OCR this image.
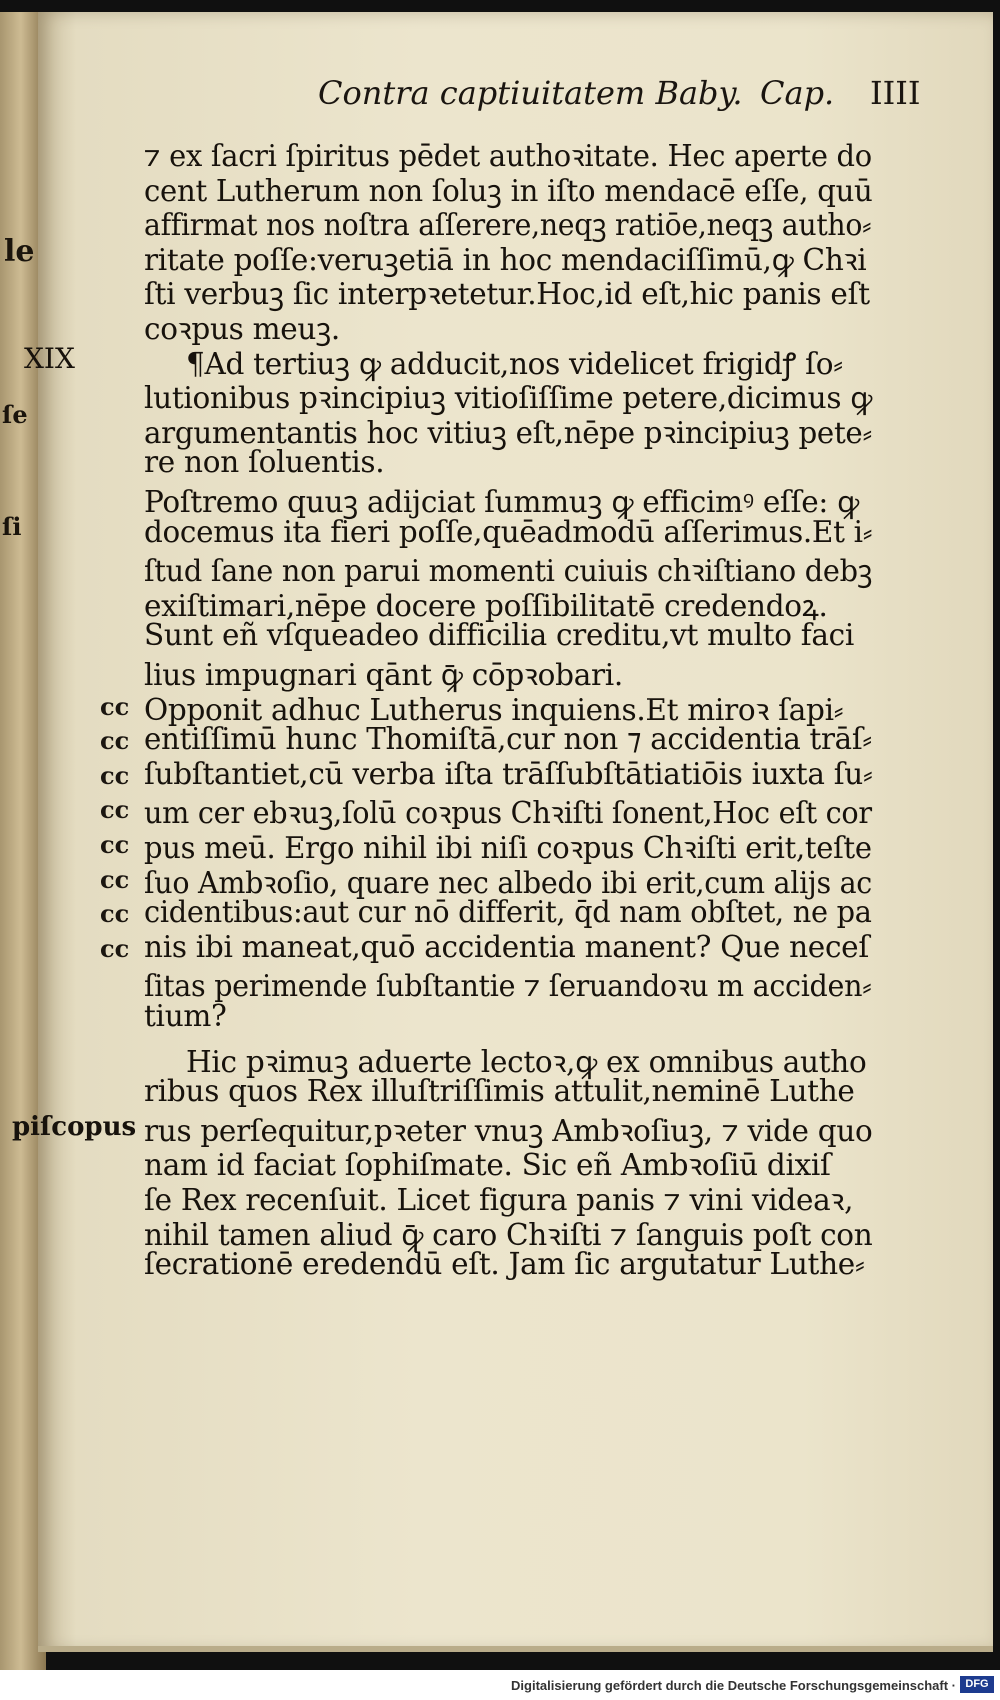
le
ſe
ſi
Contra captiuitatem Baby. Cap. IIII
XIX
piſcopus
⁊ ex ſacri ſpiritus pēdet authoꝛitate. Hec aperte do
cent Lutherum non ſoluꝫ in iſto mendacē eſſe, quū
affirmat nos noſtra aſſerere,neqꝫ ratiōe,neqꝫ autho⸗
ritate poſſe:veruꝫetiā in hoc mendaciſſimū,ꝙ Chꝛi
ſti verbuꝫ ſic interpꝛetetur.Hoc,id eſt,hic panis eſt
coꝛpus meuꝫ.
¶Ad tertiuꝫ ꝙ adducit,nos videlicet frigidꝭ ſo⸗
lutionibus pꝛincipiuꝫ vitioſiſſime petere,dicimus ꝙ
argumentantis hoc vitiuꝫ eſt,nēpe pꝛincipiuꝫ pete⸗
re non ſoluentis.
Poſtremo quuꝫ adijciat ſummuꝫ ꝙ efficimꝰ eſſe: ꝙ
docemus ita fieri poſſe,quēadmodū aſſerimus.Et i⸗
ſtud ſane non parui momenti cuiuis chꝛiſtiano debꝫ
exiſtimari,nēpe docere poſſibilitatē credendoꝝ.
Sunt eñ vſqueadeo difficilia creditu,vt multo faci
lius impugnari qānt ꝙ̄ cōpꝛobari.
Opponit adhuc Lutherus inquiens.Et miroꝛ ſapi⸗
entiſſimū hunc Thomiſtā,cur non ⁊ accidentia trāſ⸗
ſubſtantiet,cū verba iſta trāſſubſtātiatiōis iuxta ſu⸗
um cer ebꝛuꝫ,ſolū coꝛpus Chꝛiſti ſonent,Hoc eſt cor
pus meū. Ergo nihil ibi niſi coꝛpus Chꝛiſti erit,teſte
ſuo Ambꝛoſio, quare nec albedo ibi erit,cum alijs ac
cidentibus:aut cur nō differit, q̄d nam obſtet, ne pa
nis ibi maneat,quō accidentia manent? Que neceſ
ſitas perimende ſubſtantie ⁊ ſeruandoꝛu m acciden⸗
tium?
Hic pꝛimuꝫ aduerte lectoꝛ,ꝙ ex omnibus autho
ribus quos Rex illuſtriſſimis attulit,neminē Luthe
rus perſequitur,pꝛeter vnuꝫ Ambꝛoſiuꝫ, ⁊ vide quo
nam id faciat ſophiſmate. Sic eñ Ambꝛoſiū dixiſ
ſe Rex recenſuit. Licet figura panis ⁊ vini videaꝛ,
nihil tamen aliud ꝙ̄ caro Chꝛiſti ⁊ ſanguis poſt con
ſecrationē eredendū eſt. Jam ſic argutatur Luthe⸗
cc
cc
cc
cc
cc
cc
cc
cc
Digitalisierung gefördert durch die Deutsche Forschungsgemeinschaft · DFG
